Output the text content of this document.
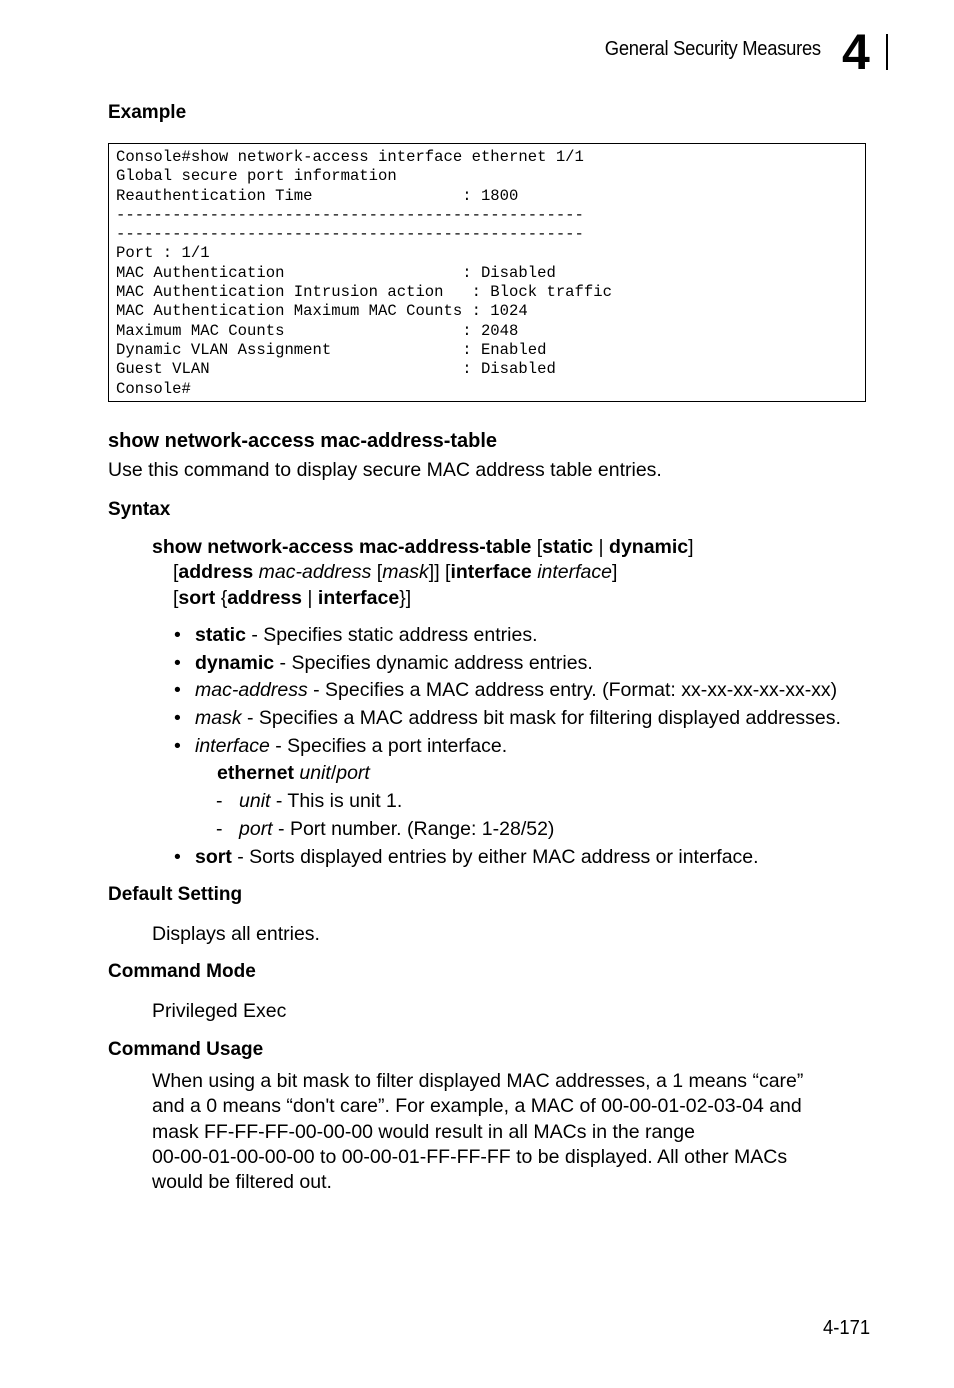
General Security Measures 4
Example
Console#show network-access interface ethernet 1/1
Global secure port information
Reauthentication Time                : 1800
--------------------------------------------------
--------------------------------------------------
Port : 1/1
MAC Authentication                   : Disabled
MAC Authentication Intrusion action   : Block traffic
MAC Authentication Maximum MAC Counts : 1024
Maximum MAC Counts                   : 2048
Dynamic VLAN Assignment              : Enabled
Guest VLAN                           : Disabled
Console#
show network-access mac-address-table
Use this command to display secure MAC address table entries.
Syntax
show network-access mac-address-table [static | dynamic]
[address mac-address [mask]] [interface interface]
[sort {address | interface}]
• static - Specifies static address entries.
• dynamic - Specifies dynamic address entries.
• mac-address - Specifies a MAC address entry. (Format: xx-xx-xx-xx-xx-xx)
• mask - Specifies a MAC address bit mask for filtering displayed addresses.
• interface - Specifies a port interface.
ethernet unit/port
- unit - This is unit 1.
- port - Port number. (Range: 1-28/52)
• sort - Sorts displayed entries by either MAC address or interface.
Default Setting
Displays all entries.
Command Mode
Privileged Exec
Command Usage
When using a bit mask to filter displayed MAC addresses, a 1 means “care”
and a 0 means “don't care”. For example, a MAC of 00-00-01-02-03-04 and
mask FF-FF-FF-00-00-00 would result in all MACs in the range
00-00-01-00-00-00 to 00-00-01-FF-FF-FF to be displayed. All other MACs
would be filtered out.
4-171
